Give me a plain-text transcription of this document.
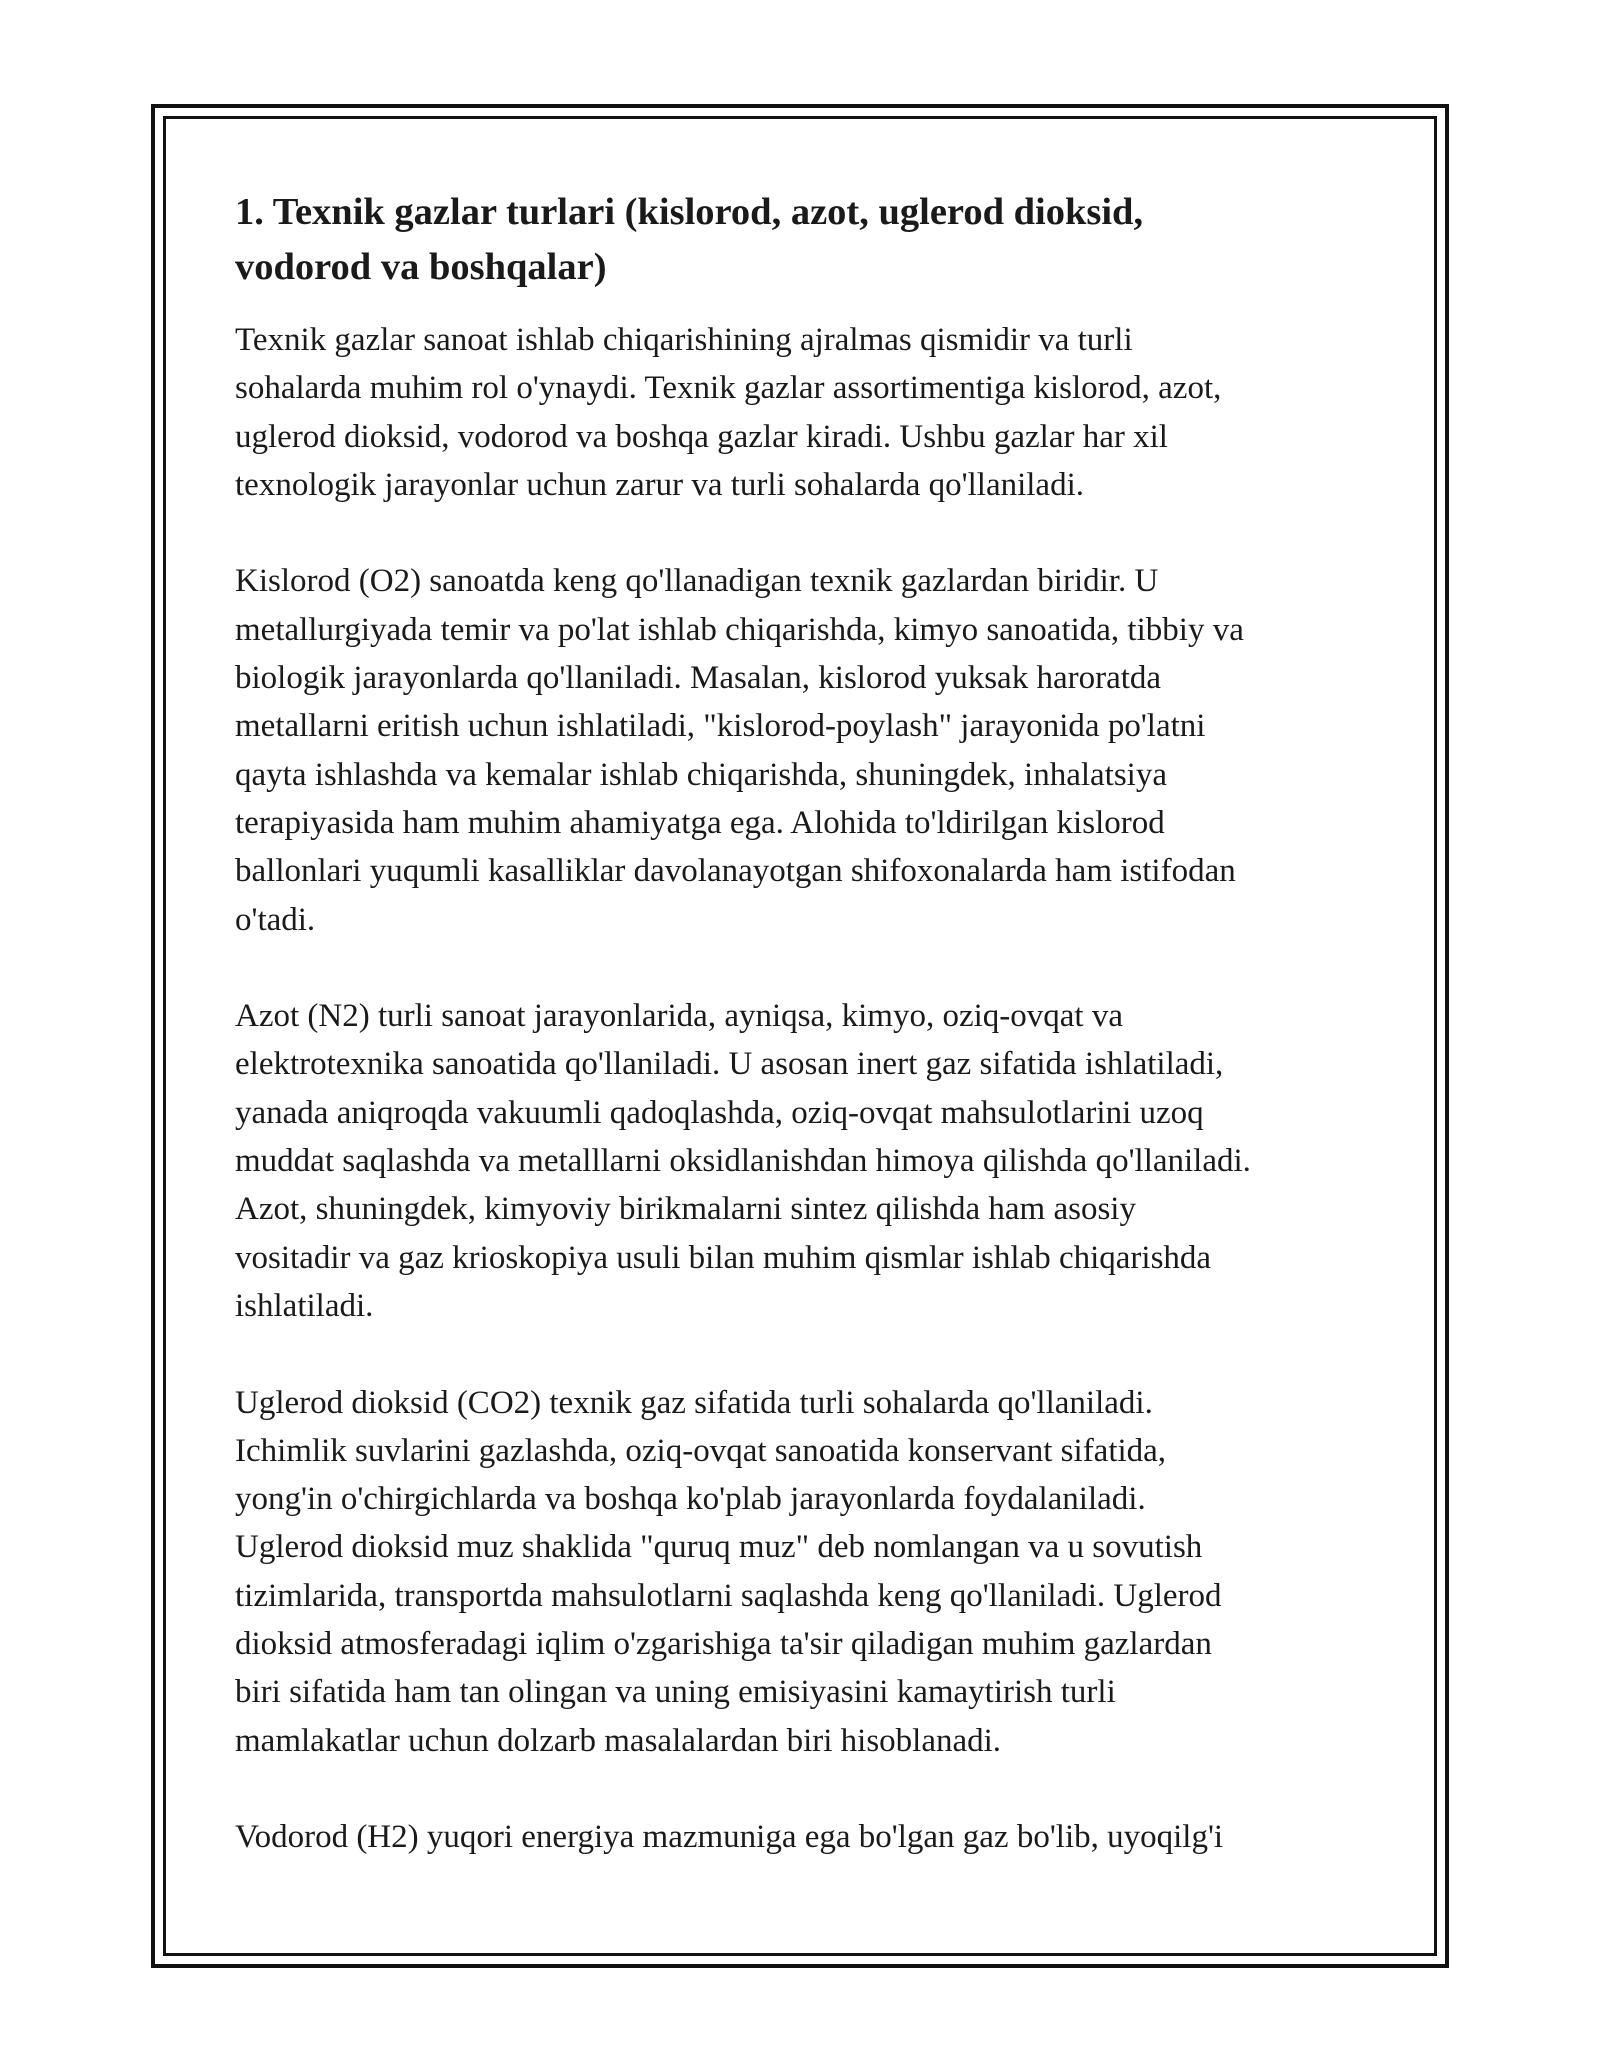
1. Texnik gazlar turlari (kislorod, azot, uglerod dioksid,
vodorod va boshqalar)

Texnik gazlar sanoat ishlab chiqarishining ajralmas qismidir va turli
sohalarda muhim rol o'ynaydi. Texnik gazlar assortimentiga kislorod, azot,
uglerod dioksid, vodorod va boshqa gazlar kiradi. Ushbu gazlar har xil
texnologik jarayonlar uchun zarur va turli sohalarda qo'llaniladi.

Kislorod (O2) sanoatda keng qo'llanadigan texnik gazlardan biridir. U
metallurgiyada temir va po'lat ishlab chiqarishda, kimyo sanoatida, tibbiy va
biologik jarayonlarda qo'llaniladi. Masalan, kislorod yuksak haroratda
metallarni eritish uchun ishlatiladi, "kislorod-poylash" jarayonida po'latni
qayta ishlashda va kemalar ishlab chiqarishda, shuningdek, inhalatsiya
terapiyasida ham muhim ahamiyatga ega. Alohida to'ldirilgan kislorod
ballonlari yuqumli kasalliklar davolanayotgan shifoxonalarda ham istifodan
o'tadi.

Azot (N2) turli sanoat jarayonlarida, ayniqsa, kimyo, oziq-ovqat va
elektrotexnika sanoatida qo'llaniladi. U asosan inert gaz sifatida ishlatiladi,
yanada aniqroqda vakuumli qadoqlashda, oziq-ovqat mahsulotlarini uzoq
muddat saqlashda va metalllarni oksidlanishdan himoya qilishda qo'llaniladi.
Azot, shuningdek, kimyoviy birikmalarni sintez qilishda ham asosiy
vositadir va gaz krioskopiya usuli bilan muhim qismlar ishlab chiqarishda
ishlatiladi.

Uglerod dioksid (CO2) texnik gaz sifatida turli sohalarda qo'llaniladi.
Ichimlik suvlarini gazlashda, oziq-ovqat sanoatida konservant sifatida,
yong'in o'chirgichlarda va boshqa ko'plab jarayonlarda foydalaniladi.
Uglerod dioksid muz shaklida "quruq muz" deb nomlangan va u sovutish
tizimlarida, transportda mahsulotlarni saqlashda keng qo'llaniladi. Uglerod
dioksid atmosferadagi iqlim o'zgarishiga ta'sir qiladigan muhim gazlardan
biri sifatida ham tan olingan va uning emisiyasini kamaytirish turli
mamlakatlar uchun dolzarb masalalardan biri hisoblanadi.

Vodorod (H2) yuqori energiya mazmuniga ega bo'lgan gaz bo'lib, uyoqilg'i
